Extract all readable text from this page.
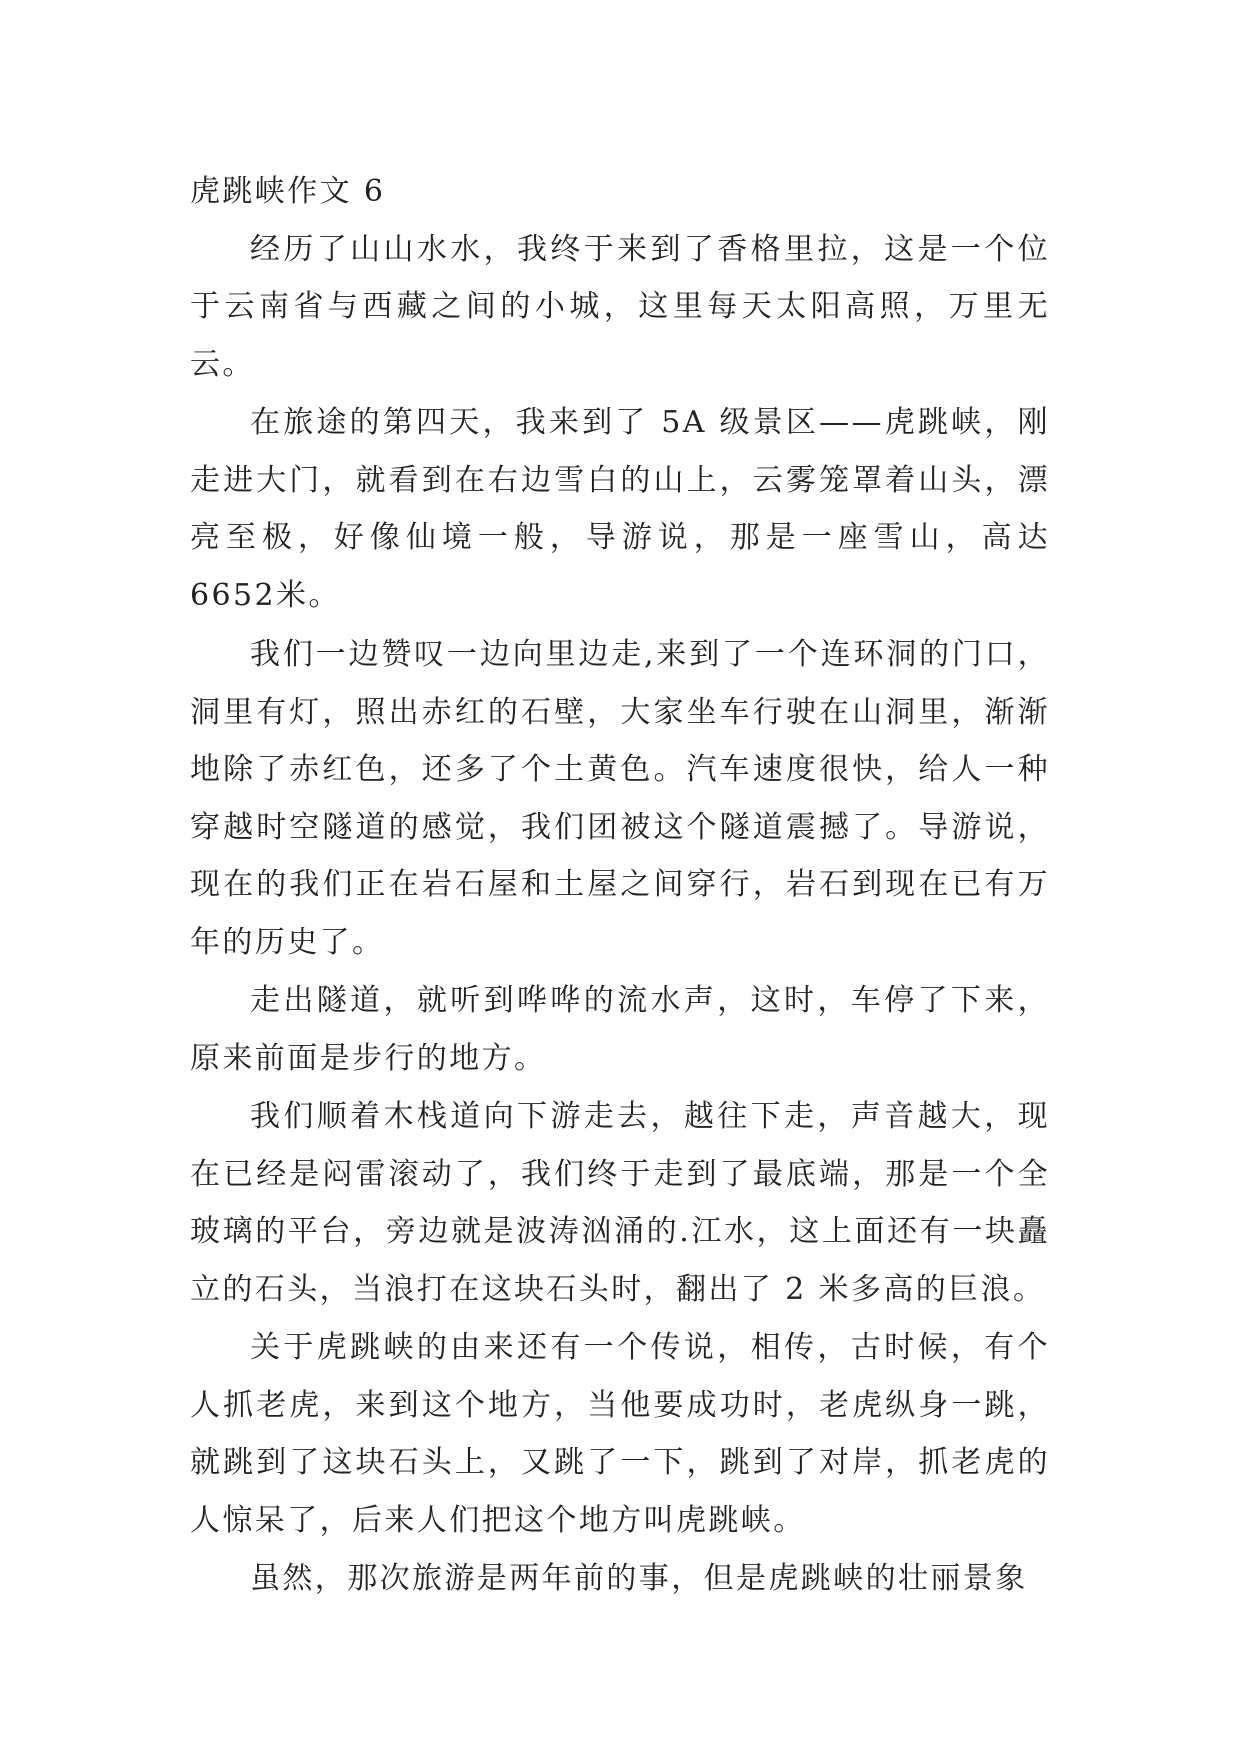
虎跳峡作文 6

经历了山山水水，我终于来到了香格里拉，这是一个位于云南省与西藏之间的小城，这里每天太阳高照，万里无云。

在旅途的第四天，我来到了 5A 级景区——虎跳峡，刚走进大门，就看到在右边雪白的山上，云雾笼罩着山头，漂亮至极，好像仙境一般，导游说，那是一座雪山，高达 6652米。

我们一边赞叹一边向里边走,来到了一个连环洞的门口，洞里有灯，照出赤红的石壁，大家坐车行驶在山洞里，渐渐地除了赤红色，还多了个土黄色。汽车速度很快，给人一种穿越时空隧道的感觉，我们团被这个隧道震撼了。导游说，现在的我们正在岩石屋和土屋之间穿行，岩石到现在已有万年的历史了。

走出隧道，就听到哗哗的流水声，这时，车停了下来，原来前面是步行的地方。

我们顺着木栈道向下游走去，越往下走，声音越大，现在已经是闷雷滚动了，我们终于走到了最底端，那是一个全玻璃的平台，旁边就是波涛汹涌的.江水，这上面还有一块矗立的石头，当浪打在这块石头时，翻出了 2 米多高的巨浪。

关于虎跳峡的由来还有一个传说，相传，古时候，有个人抓老虎，来到这个地方，当他要成功时，老虎纵身一跳，就跳到了这块石头上，又跳了一下，跳到了对岸，抓老虎的人惊呆了，后来人们把这个地方叫虎跳峡。

虽然，那次旅游是两年前的事，但是虎跳峡的壮丽景象
